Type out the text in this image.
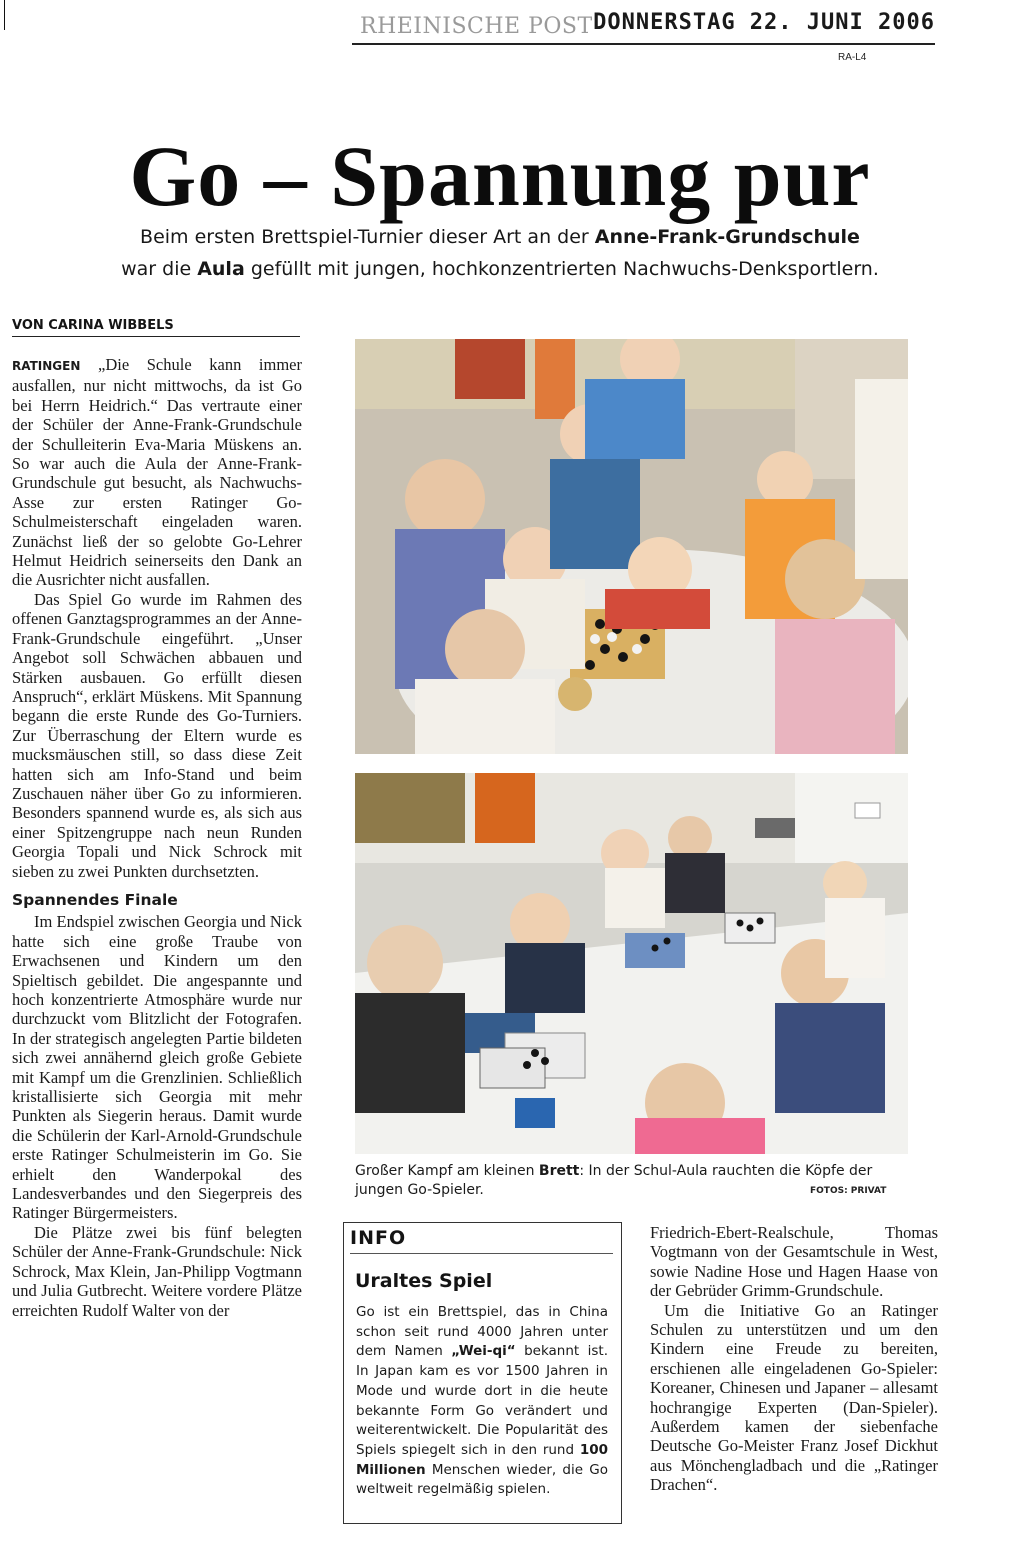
RHEINISCHE POST DONNERSTAG 22. JUNI 2006
RA-L4
Go – Spannung pur
Beim ersten Brettspiel-Turnier dieser Art an der Anne-Frank-Grundschule
war die Aula gefüllt mit jungen, hochkonzentrierten Nachwuchs-Denksportlern.
VON CARINA WIBBELS

RATINGEN „Die Schule kann immer ausfallen, nur nicht mittwochs, da ist Go bei Herrn Heidrich.“ Das vertraute einer der Schüler der Anne-Frank-Grundschule der Schulleiterin Eva-Maria Müskens an. So war auch die Aula der Anne-Frank-Grundschule gut besucht, als Nachwuchs-Asse zur ersten Ratinger Go-Schulmeisterschaft eingeladen waren. Zunächst ließ der so gelobte Go-Lehrer Helmut Heidrich seinerseits den Dank an die Ausrichter nicht ausfallen.

Das Spiel Go wurde im Rahmen des offenen Ganztagsprogrammes an der Anne-Frank-Grundschule eingeführt. „Unser Angebot soll Schwächen abbauen und Stärken ausbauen. Go erfüllt diesen Anspruch“, erklärt Müskens. Mit Spannung begann die erste Runde des Go-Turniers. Zur Überraschung der Eltern wurde es mucksmäuschen still, so dass diese Zeit hatten sich am Info-Stand und beim Zuschauen näher über Go zu informieren. Besonders spannend wurde es, als sich aus einer Spitzengruppe nach neun Runden Georgia Topali und Nick Schrock mit sieben zu zwei Punkten durchsetzten.

Spannendes Finale

Im Endspiel zwischen Georgia und Nick hatte sich eine große Traube von Erwachsenen und Kindern um den Spieltisch gebildet. Die angespannte und hoch konzentrierte Atmosphäre wurde nur durchzuckt vom Blitzlicht der Fotografen. In der strategisch angelegten Partie bildeten sich zwei annähernd gleich große Gebiete mit Kampf um die Grenzlinien. Schließlich kristallisierte sich Georgia mit mehr Punkten als Siegerin heraus. Damit wurde die Schülerin der Karl-Arnold-Grundschule erste Ratinger Schulmeisterin im Go. Sie erhielt den Wanderpokal des Landesverbandes und den Siegerpreis des Ratinger Bürgermeisters.

Die Plätze zwei bis fünf belegten Schüler der Anne-Frank-Grundschule: Nick Schrock, Max Klein, Jan-Philipp Vogtmann und Julia Gutbrecht. Weitere vordere Plätze erreichten Rudolf Walter von der

Großer Kampf am kleinen Brett: In der Schul-Aula rauchten die Köpfe der jungen Go-Spieler.	FOTOS: PRIVAT
INFO
Uraltes Spiel

Go ist ein Brettspiel, das in China schon seit rund 4000 Jahren unter dem Namen „Wei-qi“ bekannt ist. In Japan kam es vor 1500 Jahren in Mode und wurde dort in die heute bekannte Form Go verändert und weiterentwickelt. Die Popularität des Spiels spiegelt sich in den rund 100 Millionen Menschen wieder, die Go weltweit regelmäßig spielen.

Friedrich-Ebert-Realschule, Thomas Vogtmann von der Gesamtschule in West, sowie Nadine Hose und Hagen Haase von der Gebrüder Grimm-Grundschule.

Um die Initiative Go an Ratinger Schulen zu unterstützen und um den Kindern eine Freude zu bereiten, erschienen alle eingeladenen Go-Spieler: Koreaner, Chinesen und Japaner – allesamt hochrangige Experten (Dan-Spieler). Außerdem kamen der siebenfache Deutsche Go-Meister Franz Josef Dickhut aus Mönchengladbach und die „Ratinger Drachen“.
